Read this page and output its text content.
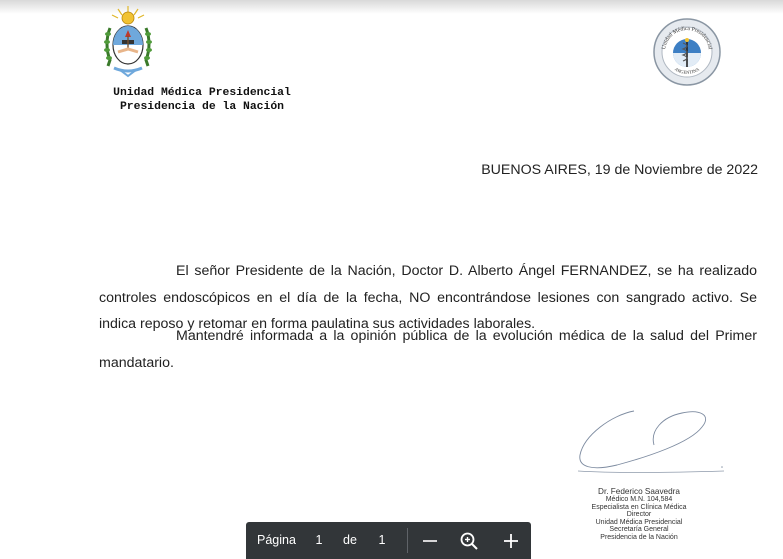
Unidad Médica Presidencial
Presidencia de la Nación
Unidad Médica Presidencial
ARGENTINA
BUENOS AIRES, 19 de Noviembre de 2022

El señor Presidente de la Nación, Doctor D. Alberto Ángel FERNANDEZ, se ha realizado controles endoscópicos en el día de la fecha, NO encontrándose lesiones con sangrado activo. Se indica reposo y retomar en forma paulatina sus actividades laborales.

Mantendré informada a la opinión pública de la evolución médica de la salud del Primer mandatario.

Dr. Federico Saavedra
Médico M.N. 104,584
Especialista en Clínica Médica
Director
Unidad Médica Presidencial
Secretaría General
Presidencia de la Nación
Página	1	de	1
